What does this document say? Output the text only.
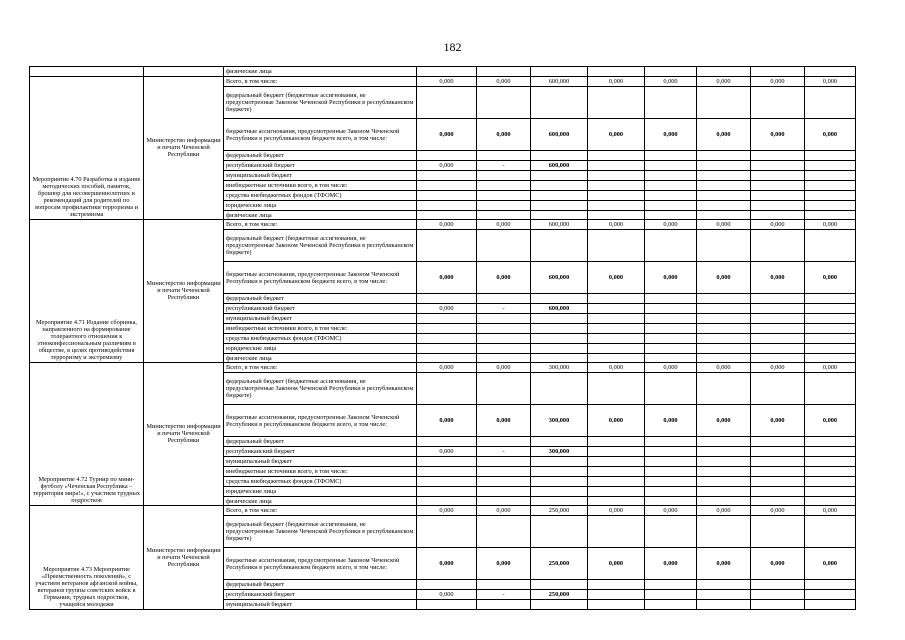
182
		физические лица								
Мероприятие 4.70 Разработка и издание методических пособий, памяток, брошюр для несовершеннолетних и рекомендаций для родителей по вопросам профилактики терроризма и экстремизма	Министерство информации и печати Чеченской Республики	Всего, в том числе:	0,000	0,000	600,000	0,000	0,000	0,000	0,000	0,000
		федеральный бюджет (бюджетные ассигнования, не предусмотренные Законом Чеченской Республики в республиканском бюджете)								
		бюджетные ассигнования, предусмотренные Законом Чеченской Республики в республиканском бюджете всего, в том числе:	0,000	0,000	600,000	0,000	0,000	0,000	0,000	0,000
		федеральный бюджет								
		республиканский бюджет	0,000	-	600,000					
		муниципальный бюджет								
		внебюджетные источники всего, в том числе:								
		средства внебюджетных фондов (ТФОМС)								
		юридические лица								
		физические лица								
Мероприятие 4.71 Издание сборника, направленного на формирование толерантного отношения к этноконфессиональным различиям в обществе, в целях противодействия терроризму и экстремизму	Министерство информации и печати Чеченской Республики	Всего, в том числе:	0,000	0,000	600,000	0,000	0,000	0,000	0,000	0,000
		федеральный бюджет (бюджетные ассигнования, не предусмотренные Законом Чеченской Республики в республиканском бюджете)								
		бюджетные ассигнования, предусмотренные Законом Чеченской Республики в республиканском бюджете всего, в том числе:	0,000	0,000	600,000	0,000	0,000	0,000	0,000	0,000
		федеральный бюджет								
		республиканский бюджет	0,000	-	600,000					
		муниципальный бюджет								
		внебюджетные источники всего, в том числе:								
		средства внебюджетных фондов (ТФОМС)								
		юридические лица								
		физические лица								
Мероприятие 4.72 Турнир по мини-футболу «Чеченская Республика – территория мира!», с участием трудных подростков	Министерство информации и печати Чеченской Республики	Всего, в том числе:	0,000	0,000	300,000	0,000	0,000	0,000	0,000	0,000
		федеральный бюджет (бюджетные ассигнования, не предусмотренные Законом Чеченской Республики в республиканском бюджете)								
		бюджетные ассигнования, предусмотренные Законом Чеченской Республики в республиканском бюджете всего, в том числе:	0,000	0,000	300,000	0,000	0,000	0,000	0,000	0,000
		федеральный бюджет								
		республиканский бюджет	0,000	-	300,000					
		муниципальный бюджет								
		внебюджетные источники всего, в том числе:								
		средства внебюджетных фондов (ТФОМС)								
		юридические лица								
		физические лица								
Мероприятие 4.73 Мероприятие «Преемственность поколений», с участием ветеранов афганской войны, ветеранов группы советских войск в Германии, трудных подростков, учащейся молодежи	Министерство информации и печати Чеченской Республики	Всего, в том числе:	0,000	0,000	250,000	0,000	0,000	0,000	0,000	0,000
		федеральный бюджет (бюджетные ассигнования, не предусмотренные Законом Чеченской Республики в республиканском бюджете)								
		бюджетные ассигнования, предусмотренные Законом Чеченской Республики в республиканском бюджете всего, в том числе:	0,000	0,000	250,000	0,000	0,000	0,000	0,000	0,000
		федеральный бюджет								
		республиканский бюджет	0,000	-	250,000					
		муниципальный бюджет								
